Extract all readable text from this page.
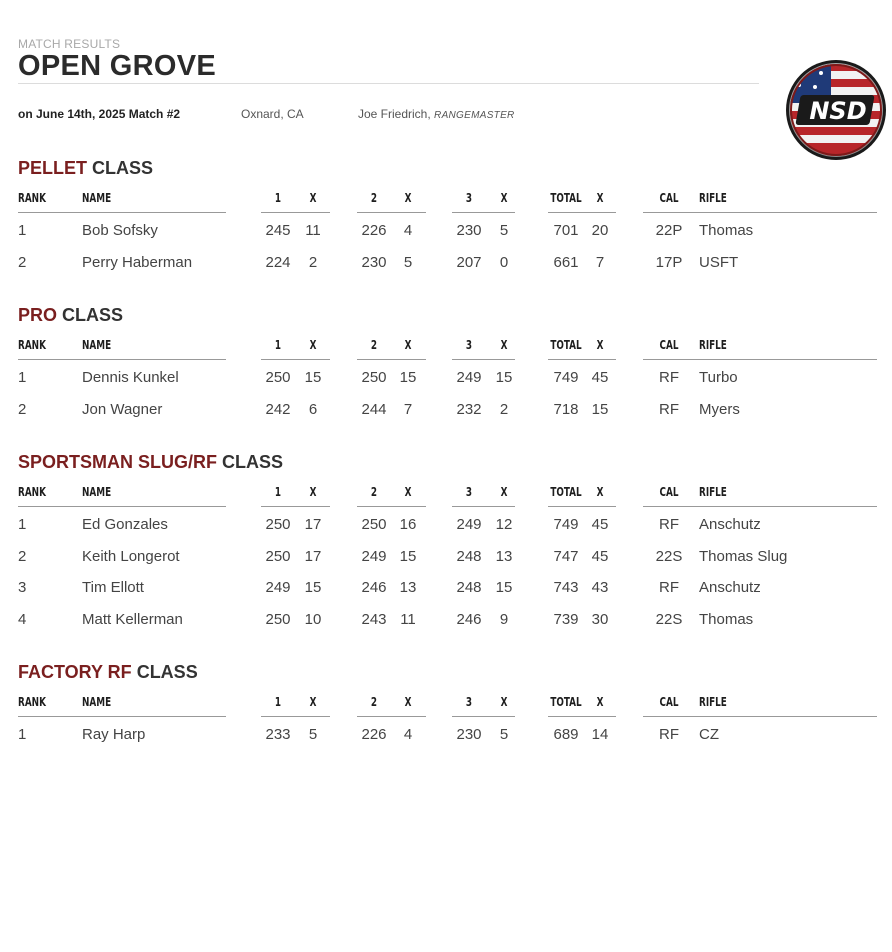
MATCH RESULTS
OPEN GROVE
on June 14th, 2025 Match #2	Oxnard, CA	Joe Friedrich, RANGEMASTER	NSD
PELLET CLASS
RANK	NAME	1	X	2	X	3	X	TOTAL	X	CAL	RIFLE
1	Bob Sofsky	245 11	226	4	230	5	701 20	22P	Thomas
2	Perry Haberman	224	2	230	5	207	0	661	7	17P	USFT
PRO CLASS
RANK	NAME	1	X	2	X	3	X	TOTAL	X	CAL	RIFLE
1	Dennis Kunkel	250 15	250 15	249 15	749 45	RF	Turbo
2	Jon Wagner	242	6	244	7	232	2	718 15	RF	Myers
SPORTSMAN SLUG/RF CLASS
RANK	NAME	1	X	2	X	3	X	TOTAL	X	CAL	RIFLE
1	Ed Gonzales	250 17	250 16	249 12	749 45	RF	Anschutz
2	Keith Longerot	250 17	249 15	248 13	747 45	22S	Thomas Slug
3	Tim Ellott	249 15	246 13	248 15	743 43	RF	Anschutz
4	Matt Kellerman	250 10	243 11	246	9	739 30	22S	Thomas
FACTORY RF CLASS
RANK	NAME	1	X	2	X	3	X	TOTAL	X	CAL	RIFLE
1	Ray Harp	233	5	226	4	230	5	689 14	RF	CZ
